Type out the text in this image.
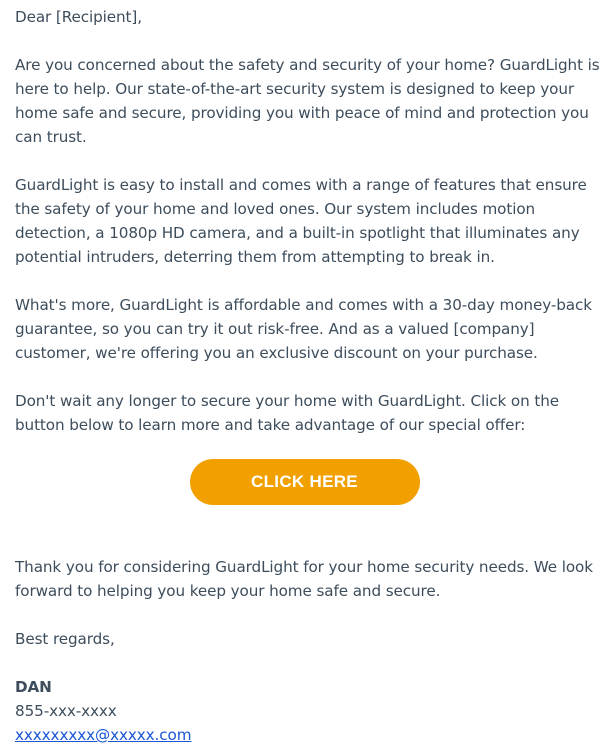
Dear [Recipient],

Are you concerned about the safety and security of your home? GuardLight is here to help. Our state-of-the-art security system is designed to keep your home safe and secure, providing you with peace of mind and protection you can trust.

GuardLight is easy to install and comes with a range of features that ensure the safety of your home and loved ones. Our system includes motion detection, a 1080p HD camera, and a built-in spotlight that illuminates any potential intruders, deterring them from attempting to break in.

What's more, GuardLight is affordable and comes with a 30-day money-back guarantee, so you can try it out risk-free. And as a valued [company] customer, we're offering you an exclusive discount on your purchase.

Don't wait any longer to secure your home with GuardLight. Click on the button below to learn more and take advantage of our special offer:

CLICK HERE

Thank you for considering GuardLight for your home security needs. We look forward to helping you keep your home safe and secure.

Best regards,

DAN

855-xxx-xxxx

xxxxxxxxx@xxxxx.com
